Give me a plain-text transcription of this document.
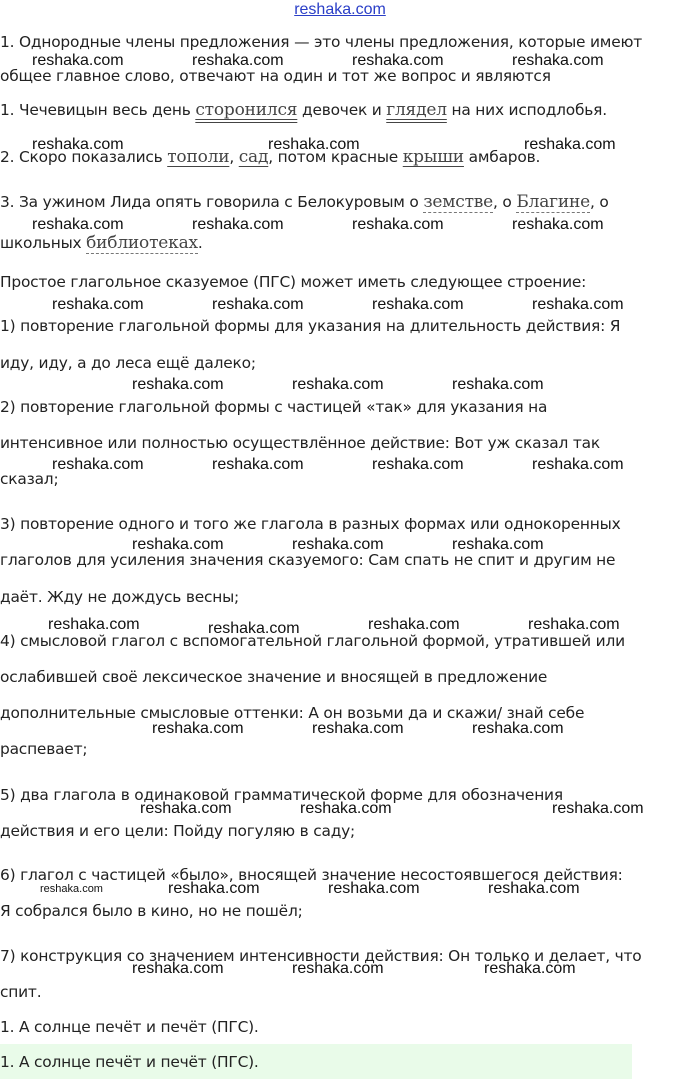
reshaka.com
1. Однородные члены предложения — это члены предложения, которые имеют
общее главное слово, отвечают на один и тот же вопрос и являются
1. Чечевицын весь день сторонился девочек и глядел на них исподлобья.
2. Скоро показались тополи, сад, потом красные крыши амбаров.
3. За ужином Лида опять говорила с Белокуровым о земстве, о Благине, о
школьных библиотеках.
Простое глагольное сказуемое (ПГС) может иметь следующее строение:
1) повторение глагольной формы для указания на длительность действия: Я
иду, иду, а до леса ещё далеко;
2) повторение глагольной формы с частицей «так» для указания на
интенсивное или полностью осуществлённое действие: Вот уж сказал так
сказал;
3) повторение одного и того же глагола в разных формах или однокоренных
глаголов для усиления значения сказуемого: Сам спать не спит и другим не
даёт. Жду не дождусь весны;
4) смысловой глагол с вспомогательной глагольной формой, утратившей или
ослабившей своё лексическое значение и вносящей в предложение
дополнительные смысловые оттенки: А он возьми да и скажи/ знай себе
распевает;
5) два глагола в одинаковой грамматической форме для обозначения
действия и его цели: Пойду погуляю в саду;
6) глагол с частицей «было», вносящей значение несостоявшегося действия:
Я собрался было в кино, но не пошёл;
7) конструкция со значением интенсивности действия: Он только и делает, что
спит.
1. А солнце печёт и печёт (ПГС).
1. А солнце печёт и печёт (ПГС).
reshaka.com	reshaka.com	reshaka.com	reshaka.com
reshaka.com	reshaka.com	reshaka.com
reshaka.com	reshaka.com	reshaka.com	reshaka.com
reshaka.com	reshaka.com	reshaka.com	reshaka.com
reshaka.com	reshaka.com	reshaka.com
reshaka.com	reshaka.com	reshaka.com	reshaka.com
reshaka.com	reshaka.com	reshaka.com
reshaka.com	reshaka.com	reshaka.com	reshaka.com
reshaka.com	reshaka.com	reshaka.com
reshaka.com	reshaka.com	reshaka.com
reshaka.com	reshaka.com	reshaka.com	reshaka.com
reshaka.com	reshaka.com	reshaka.com
